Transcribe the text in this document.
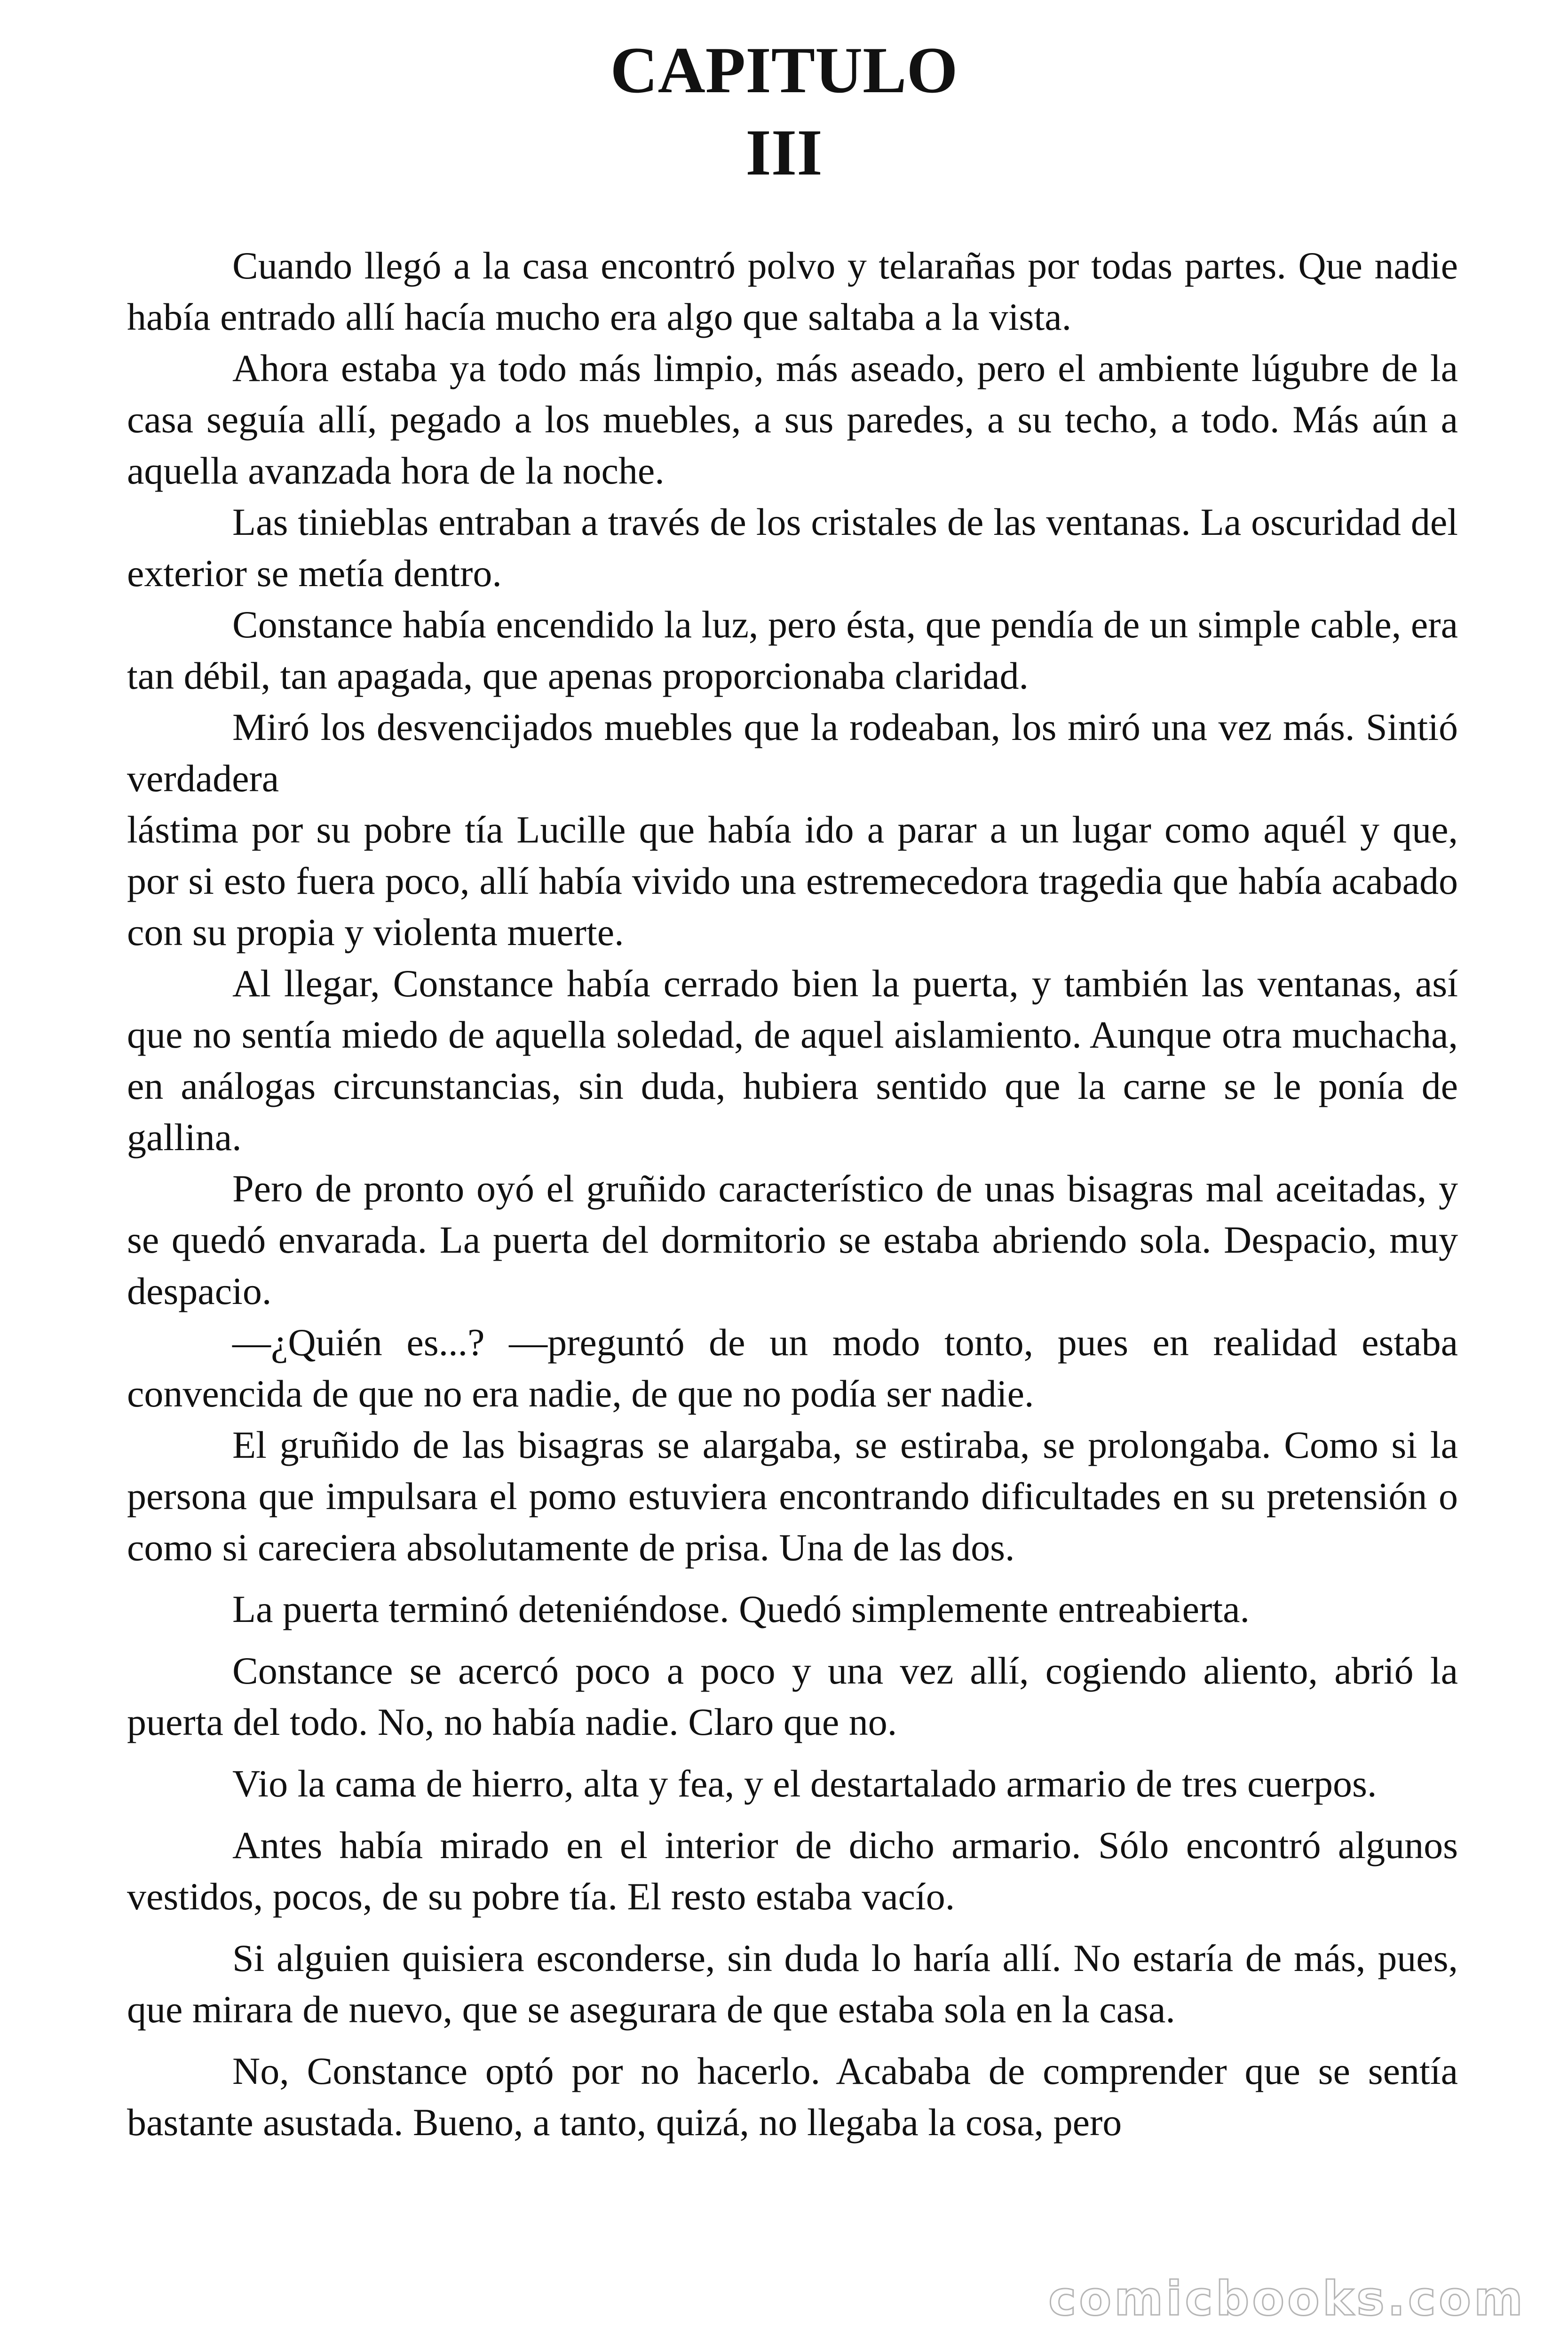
CAPITULO
III

Cuando llegó a la casa encontró polvo y telarañas por todas partes. Que nadie había entrado allí hacía mucho era algo que saltaba a la vista.

Ahora estaba ya todo más limpio, más aseado, pero el ambiente lúgubre de la casa seguía allí, pegado a los muebles, a sus paredes, a su techo, a todo. Más aún a aquella avanzada hora de la noche.

Las tinieblas entraban a través de los cristales de las ventanas. La oscuridad del exterior se metía dentro.

Constance había encendido la luz, pero ésta, que pendía de un simple cable, era tan débil, tan apagada, que apenas proporcionaba claridad.

Miró los desvencijados muebles que la rodeaban, los miró una vez más. Sintió verdadera

lástima por su pobre tía Lucille que había ido a parar a un lugar como aquél y que, por si esto fuera poco, allí había vivido una estremecedora tragedia que había acabado con su propia y violenta muerte.

Al llegar, Constance había cerrado bien la puerta, y también las ventanas, así que no sentía miedo de aquella soledad, de aquel aislamiento. Aunque otra muchacha, en análogas circunstancias, sin duda, hubiera sentido que la carne se le ponía de gallina.

Pero de pronto oyó el gruñido característico de unas bisagras mal aceitadas, y se quedó envarada. La puerta del dormitorio se estaba abriendo sola. Despacio, muy despacio.

—¿Quién es...? —preguntó de un modo tonto, pues en realidad estaba convencida de que no era nadie, de que no podía ser nadie.

El gruñido de las bisagras se alargaba, se estiraba, se prolongaba. Como si la persona que impulsara el pomo estuviera encontrando dificultades en su pretensión o como si careciera absolutamente de prisa. Una de las dos.

La puerta terminó deteniéndose. Quedó simplemente entreabierta.

Constance se acercó poco a poco y una vez allí, cogiendo aliento, abrió la puerta del todo. No, no había nadie. Claro que no.

Vio la cama de hierro, alta y fea, y el destartalado armario de tres cuerpos.

Antes había mirado en el interior de dicho armario. Sólo encontró algunos vestidos, pocos, de su pobre tía. El resto estaba vacío.

Si alguien quisiera esconderse, sin duda lo haría allí. No estaría de más, pues, que mirara de nuevo, que se asegurara de que estaba sola en la casa.

No, Constance optó por no hacerlo. Acababa de comprender que se sentía bastante asustada. Bueno, a tanto, quizá, no llegaba la cosa, pero

comicbooks.com
